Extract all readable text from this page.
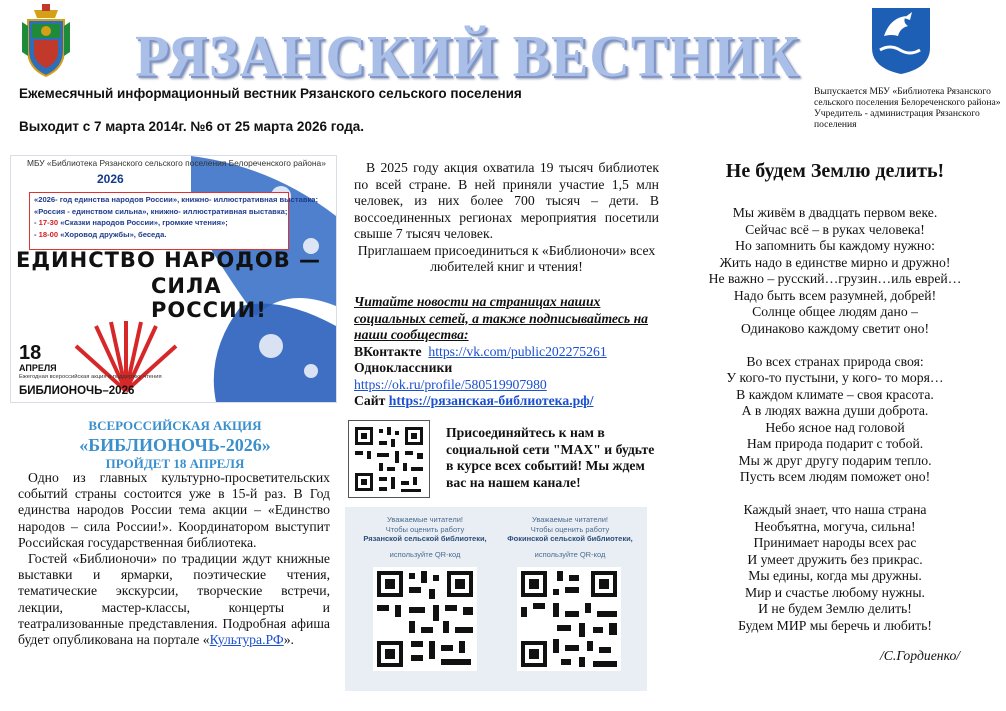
РЯЗАНСКИЙ ВЕСТНИК
Ежемесячный информационный вестник Рязанского сельского поселения
Выходит с 7 марта 2014г. №6 от 25 марта 2026 года.
Выпускается МБУ «Библиотека Рязанского сельского поселения Белореченского района» Учредитель - администрация Рязанского поселения
МБУ «Библиотека Рязанского сельского поселения Белореченского района»
2026
«2026- год единства народов России», книжно- иллюстративная выставка;
«Россия - единством сильна», книжно- иллюстративная выставка;
- 17-30 «Сказки народов России», громкие чтения»;
- 18-00 «Хоровод дружбы», беседа.
ЕДИНСТВО НАРОДОВ —
СИЛА РОССИИ!
18
АПРЕЛЯ
Ежегодная всероссийская акция в поддержку чтения
БИБЛИОНОЧЬ–2026
ВСЕРОССИЙСКАЯ АКЦИЯ
«БИБЛИОНОЧЬ-2026»
ПРОЙДЕТ 18 АПРЕЛЯ

Одно из главных культурно-просветительских событий страны состоится уже в 15-й раз. В Год единства народов России тема акции – «Единство народов – сила России!». Координатором выступит Российская государственная библиотека.

Гостей «Библионочи» по традиции ждут книжные выставки и ярмарки, поэтические чтения, тематические экскурсии, творческие встречи, лекции, мастер-классы, концерты и театрализованные представления. Подробная афиша будет опубликована на портале «Культура.РФ».

В 2025 году акция охватила 19 тысяч библиотек по всей стране. В ней приняли участие 1,5 млн человек, из них более 700 тысяч – дети. В воссоединенных регионах мероприятия посетили свыше 7 тысяч человек.

Приглашаем присоединиться к «Библионочи» всех любителей книг и чтения!

Читайте новости на страницах наших социальных сетей, а также подписывайтесь на наши сообщества:
ВКонтакте https://vk.com/public202275261
Одноклассники
https://ok.ru/profile/580519907980
Сайт https://рязанская-библиотека.рф/
Присоединяйтесь к нам в социальной сети "MAX" и будьте в курсе всех событий! Мы ждем вас на нашем канале!
Уважаемые читатели!
Чтобы оценить работу
Рязанской сельской библиотеки,
Уважаемые читатели!
Чтобы оценить работу
Фокинской сельской библиотеки,
используйте QR-код	используйте QR-код
Не будем Землю делить!
Мы живём в двадцать первом веке.
Сейчас всё – в руках человека!
Но запомнить бы каждому нужно:
Жить надо в единстве мирно и дружно!
Не важно – русский…грузин…иль еврей…
Надо быть всем разумней, добрей!
Солнце общее людям дано –
Одинаково каждому светит оно!
Во всех странах природа своя:
У кого-то пустыни, у кого- то моря…
В каждом климате – своя красота.
А в людях важна души доброта.
Небо ясное над головой
Нам природа подарит с тобой.
Мы ж друг другу подарим тепло.
Пусть всем людям поможет оно!
Каждый знает, что наша страна
Необъятна, могуча, сильна!
Принимает народы всех рас
И умеет дружить без прикрас.
Мы едины, когда мы дружны.
Мир и счастье любому нужны.
И не будем Землю делить!
Будем МИР мы беречь и любить!
/С.Гордиенко/
